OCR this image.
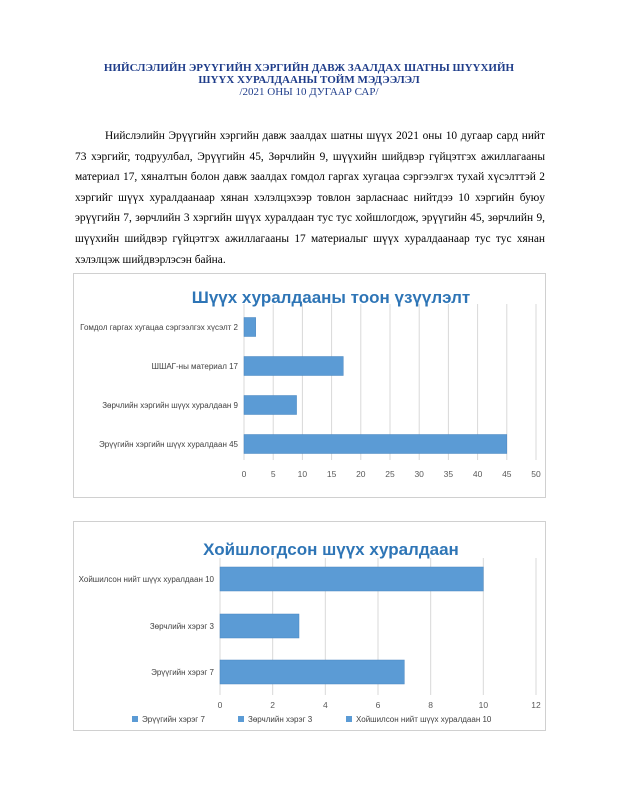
НИЙСЛЭЛИЙН ЭРҮҮГИЙН ХЭРГИЙН ДАВЖ ЗААЛДАХ ШАТНЫ ШҮҮХИЙН
ШҮҮХ ХУРАЛДААНЫ ТОЙМ МЭДЭЭЛЭЛ
/2021 ОНЫ 10 ДУГААР САР/
Нийслэлийн Эрүүгийн хэргийн давж заалдах шатны шүүх 2021 оны 10 дугаар сард нийт 73 хэргийг, тодруулбал, Эрүүгийн 45, Зөрчлийн 9, шүүхийн шийдвэр гүйцэтгэх ажиллагааны материал 17, хяналтын болон давж заалдах гомдол гаргах хугацаа сэргээлгэх тухай хүсэлттэй 2 хэргийг шүүх хуралдаанаар хянан хэлэлцэхээр товлон зарласнаас нийтдээ 10 хэргийн буюу эрүүгийн 7, зөрчлийн 3 хэргийн шүүх хуралдаан тус тус хойшлогдож, эрүүгийн 45, зөрчлийн 9, шүүхийн шийдвэр гүйцэтгэх ажиллагааны 17 материалыг шүүх хуралдаанаар тус тус хянан хэлэлцэж шийдвэрлэсэн байна.
Шүүх хуралдааны тоон үзүүлэлт
0	5	10 15 20 25 30 35 40 45 50
Гомдол гаргах хугацаа сэргээлгэх хүсэлт 2
ШШАГ-ны материал 17
Зөрчлийн хэргийн шүүх хуралдаан 9
Эрүүгийн хэргийн шүүх хуралдаан 45
Хойшлогдсон шүүх хуралдаан
0	2	4	6	8	10	12
Хойшилсон нийт шүүх хуралдаан 10
Зөрчлийн хэрэг 3
Эрүүгийн хэрэг 7
Эрүүгийн хэрэг 7	Зөрчлийн хэрэг 3	Хойшилсон нийт шүүх хуралдаан 10
